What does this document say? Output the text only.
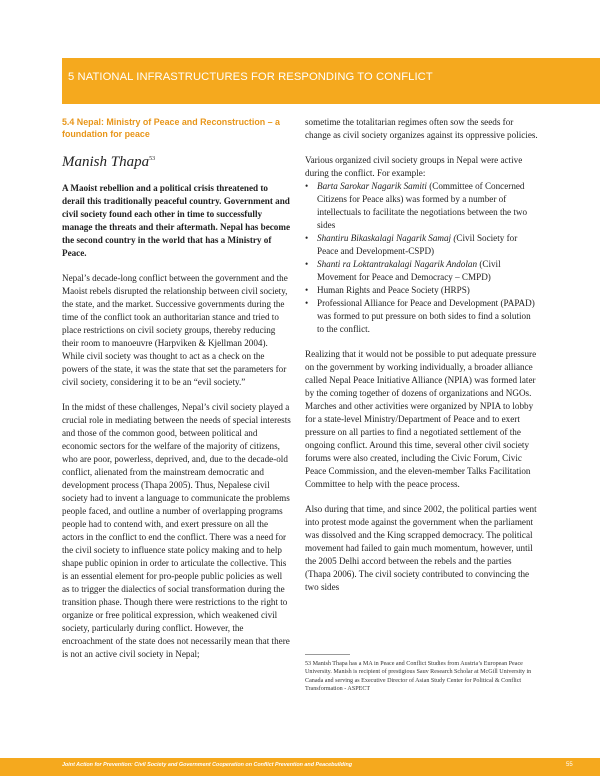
5 NATIONAL INFRASTRUCTURES FOR RESPONDING TO CONFLICT
5.4 Nepal: Ministry of Peace and Reconstruction – a foundation for peace
Manish Thapa$^{53}$

A Maoist rebellion and a political crisis threatened to derail this traditionally peaceful country. Government and civil society found each other in time to successfully manage the threats and their aftermath. Nepal has become the second country in the world that has a Ministry of Peace.

Nepal’s decade-long conflict between the government and the Maoist rebels disrupted the relationship between civil society, the state, and the market. Successive governments during the time of the conflict took an authoritarian stance and tried to place restrictions on civil society groups, thereby reducing their room to manoeuvre (Harpviken & Kjellman 2004). While civil society was thought to act as a check on the powers of the state, it was the state that set the parameters for civil society, considering it to be an “evil society.”

In the midst of these challenges, Nepal’s civil society played a crucial role in mediating between the needs of special interests and those of the common good, between political and economic sectors for the welfare of the majority of citizens, who are poor, powerless, deprived, and, due to the decade-old conflict, alienated from the mainstream democratic and development process (Thapa 2005). Thus, Nepalese civil society had to invent a language to communicate the problems people faced, and outline a number of overlapping programs people had to contend with, and exert pressure on all the actors in the conflict to end the conflict. There was a need for the civil society to influence state policy making and to help shape public opinion in order to articulate the collective. This is an essential element for pro-people public policies as well as to trigger the dialectics of social transformation during the transition phase. Though there were restrictions to the right to organize or free political expression, which weakened civil society, particularly during conflict. However, the encroachment of the state does not necessarily mean that there is not an active civil society in Nepal;

sometime the totalitarian regimes often sow the seeds for change as civil society organizes against its oppressive policies.

Various organized civil society groups in Nepal were active during the conflict. For example:

• Barta Sarokar Nagarik Samiti (Committee of Concerned Citizens for Peace alks) was formed by a number of intellectuals to facilitate the negotiations between the two sides
• Shantiru Bikaskalagi Nagarik Samaj (Civil Society for Peace and Development-CSPD)
• Shanti ra Loktantrakalagi Nagarik Andolan (Civil Movement for Peace and Democracy – CMPD)
• Human Rights and Peace Society (HRPS)
• Professional Alliance for Peace and Development (PAPAD) was formed to put pressure on both sides to find a solution to the conflict.

Realizing that it would not be possible to put adequate pressure on the government by working individually, a broader alliance called Nepal Peace Initiative Alliance (NPIA) was formed later by the coming together of dozens of organizations and NGOs. Marches and other activities were organized by NPIA to lobby for a state-level Ministry/Department of Peace and to exert pressure on all parties to find a negotiated settlement of the ongoing conflict. Around this time, several other civil society forums were also created, including the Civic Forum, Civic Peace Commission, and the eleven-member Talks Facilitation Committee to help with the peace process.

Also during that time, and since 2002, the political parties went into protest mode against the government when the parliament was dissolved and the King scrapped democracy. The political movement had failed to gain much momentum, however, until the 2005 Delhi accord between the rebels and the parties (Thapa 2006). The civil society contributed to convincing the two sides

53 Manish Thapa has a MA in Peace and Conflict Studies from Austria’s European Peace University. Manish is recipient of prestigious Sauv Research Scholar at McGill University in Canada and serving as Executive Director of Asian Study Center for Political & Conflict Transformation - ASPECT
Joint Action for Prevention: Civil Society and Government Cooperation on Conflict Prevention and Peacebuilding	55
